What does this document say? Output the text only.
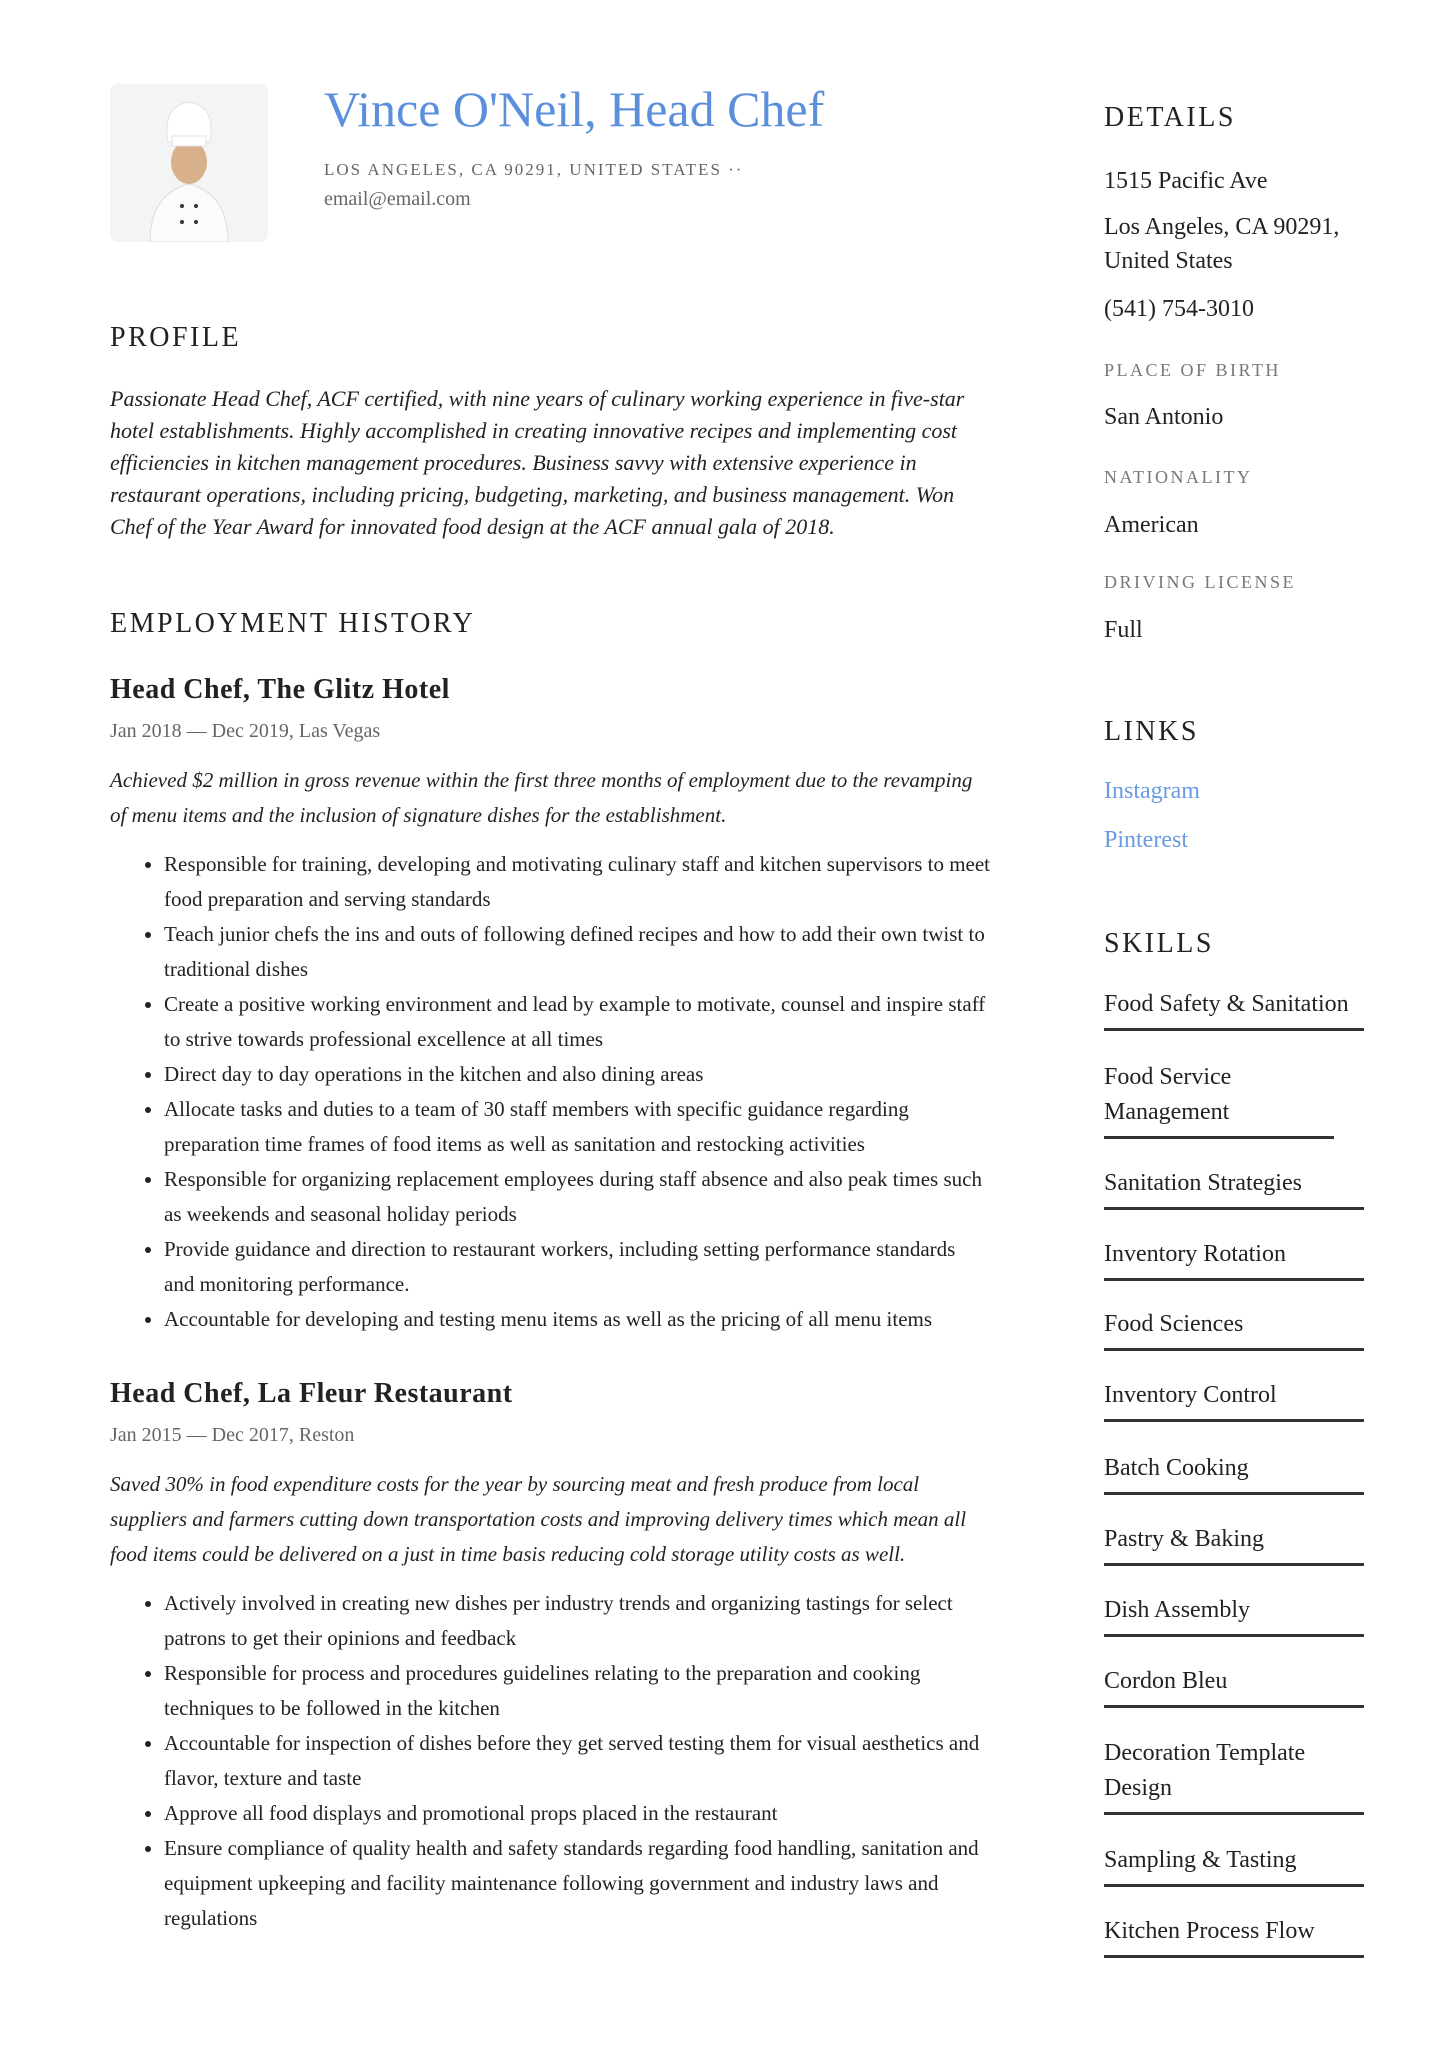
Vince O'Neil, Head Chef
LOS ANGELES, CA 90291, UNITED STATES ··
email@email.com
PROFILE
Passionate Head Chef, ACF certified, with nine years of culinary working experience in five-star hotel establishments. Highly accomplished in creating innovative recipes and implementing cost efficiencies in kitchen management procedures. Business savvy with extensive experience in restaurant operations, including pricing, budgeting, marketing, and business management. Won Chef of the Year Award for innovated food design at the ACF annual gala of 2018.
EMPLOYMENT HISTORY
Head Chef, The Glitz Hotel
Jan 2018 — Dec 2019, Las Vegas
Achieved $2 million in gross revenue within the first three months of employment due to the revamping of menu items and the inclusion of signature dishes for the establishment.
• Responsible for training, developing and motivating culinary staff and kitchen supervisors to meet food preparation and serving standards
• Teach junior chefs the ins and outs of following defined recipes and how to add their own twist to traditional dishes
• Create a positive working environment and lead by example to motivate, counsel and inspire staff to strive towards professional excellence at all times
• Direct day to day operations in the kitchen and also dining areas
• Allocate tasks and duties to a team of 30 staff members with specific guidance regarding preparation time frames of food items as well as sanitation and restocking activities
• Responsible for organizing replacement employees during staff absence and also peak times such as weekends and seasonal holiday periods
• Provide guidance and direction to restaurant workers, including setting performance standards and monitoring performance.
• Accountable for developing and testing menu items as well as the pricing of all menu items
Head Chef, La Fleur Restaurant
Jan 2015 — Dec 2017, Reston
Saved 30% in food expenditure costs for the year by sourcing meat and fresh produce from local suppliers and farmers cutting down transportation costs and improving delivery times which mean all food items could be delivered on a just in time basis reducing cold storage utility costs as well.
• Actively involved in creating new dishes per industry trends and organizing tastings for select patrons to get their opinions and feedback
• Responsible for process and procedures guidelines relating to the preparation and cooking techniques to be followed in the kitchen
• Accountable for inspection of dishes before they get served testing them for visual aesthetics and flavor, texture and taste
• Approve all food displays and promotional props placed in the restaurant
• Ensure compliance of quality health and safety standards regarding food handling, sanitation and equipment upkeeping and facility maintenance following government and industry laws and regulations
DETAILS
1515 Pacific Ave
Los Angeles, CA 90291, United States
(541) 754-3010
PLACE OF BIRTH
San Antonio
NATIONALITY
American
DRIVING LICENSE
Full
LINKS
Instagram
Pinterest
SKILLS
Food Safety & Sanitation
Food Service Management
Sanitation Strategies
Inventory Rotation
Food Sciences
Inventory Control
Batch Cooking
Pastry & Baking
Dish Assembly
Cordon Bleu
Decoration Template Design
Sampling & Tasting
Kitchen Process Flow
